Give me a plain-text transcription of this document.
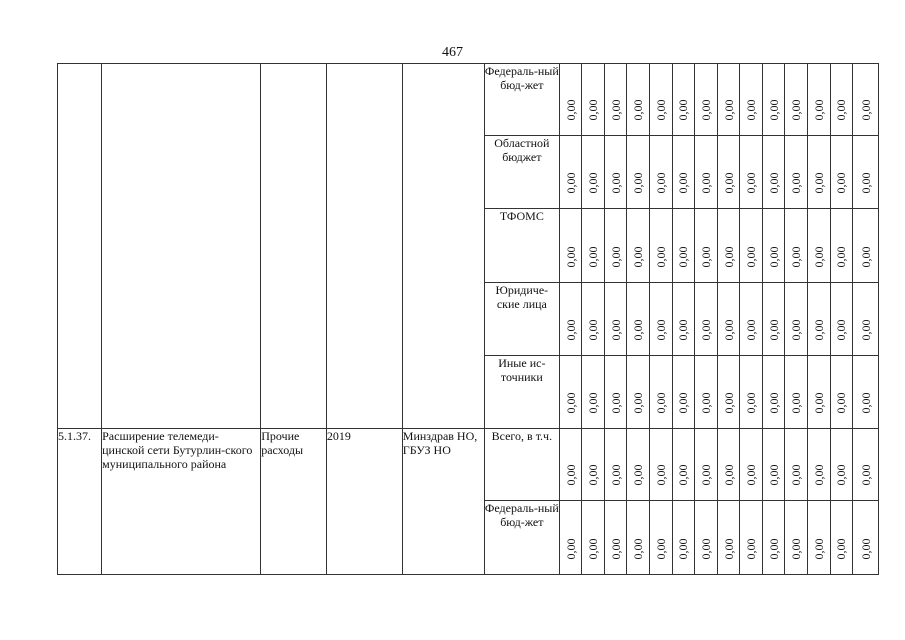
467
					Федераль-ный бюд-жет	0,00	0,00	0,00	0,00	0,00	0,00	0,00	0,00	0,00	0,00	0,00	0,00	0,00	0,00

					Областной бюджет	0,00	0,00	0,00	0,00	0,00	0,00	0,00	0,00	0,00	0,00	0,00	0,00	0,00	0,00

					ТФОМС	0,00	0,00	0,00	0,00	0,00	0,00	0,00	0,00	0,00	0,00	0,00	0,00	0,00	0,00

					Юридиче-ские лица	0,00	0,00	0,00	0,00	0,00	0,00	0,00	0,00	0,00	0,00	0,00	0,00	0,00	0,00

					Иные ис-точники	0,00	0,00	0,00	0,00	0,00	0,00	0,00	0,00	0,00	0,00	0,00	0,00	0,00	0,00

5.1.37.	Расширение телемеди-цинской сети Бутурлин-ского муниципального района	Прочие расходы	2019	Минздрав НО, ГБУЗ НО	Всего, в т.ч.	0,00	0,00	0,00	0,00	0,00	0,00	0,00	0,00	0,00	0,00	0,00	0,00	0,00	0,00

					Федераль-ный бюд-жет	0,00	0,00	0,00	0,00	0,00	0,00	0,00	0,00	0,00	0,00	0,00	0,00	0,00	0,00
